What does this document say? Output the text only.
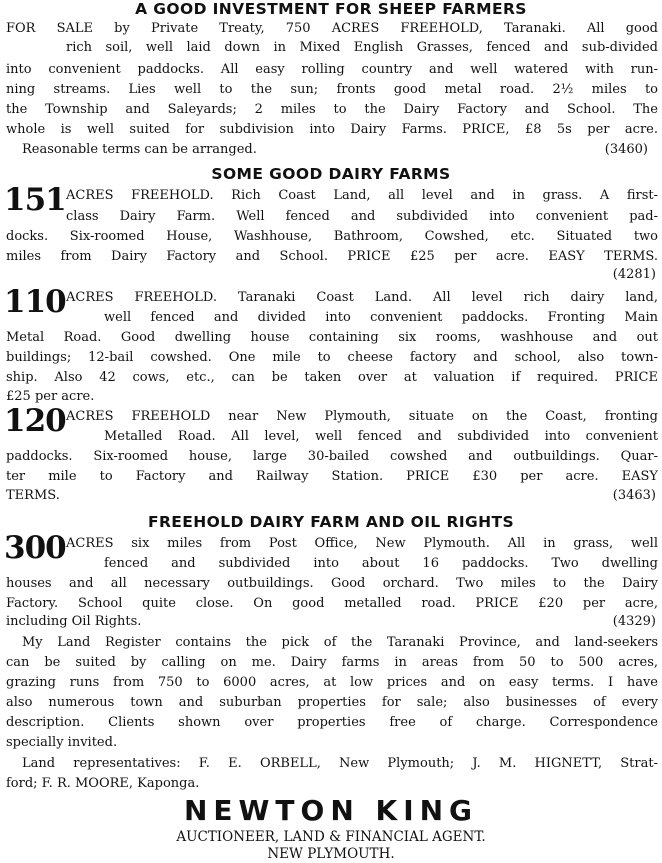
A GOOD INVESTMENT FOR SHEEP FARMERS
FOR SALE by Private Treaty, 750 ACRES FREEHOLD, Taranaki. All good
rich soil, well laid down in Mixed English Grasses, fenced and sub-divided
into convenient paddocks. All easy rolling country and well watered with run-
ning streams. Lies well to the sun; fronts good metal road. 2½ miles to
the Township and Saleyards; 2 miles to the Dairy Factory and School. The
whole is well suited for subdivision into Dairy Farms. PRICE, £8 5s per acre.
Reasonable terms can be arranged.	(3460)
SOME GOOD DAIRY FARMS
151 ACRES FREEHOLD. Rich Coast Land, all level and in grass. A first-
class Dairy Farm. Well fenced and subdivided into convenient pad-
docks. Six-roomed House, Washhouse, Bathroom, Cowshed, etc. Situated two
miles from Dairy Factory and School. PRICE £25 per acre. EASY TERMS.
(4281)
110 ACRES FREEHOLD. Taranaki Coast Land. All level rich dairy land,
well fenced and divided into convenient paddocks. Fronting Main
Metal Road. Good dwelling house containing six rooms, washhouse and out
buildings; 12-bail cowshed. One mile to cheese factory and school, also town-
ship. Also 42 cows, etc., can be taken over at valuation if required. PRICE
£25 per acre.
120 ACRES FREEHOLD near New Plymouth, situate on the Coast, fronting
Metalled Road. All level, well fenced and subdivided into convenient
paddocks. Six-roomed house, large 30-bailed cowshed and outbuildings. Quar-
ter mile to Factory and Railway Station. PRICE £30 per acre. EASY
TERMS.	(3463)
FREEHOLD DAIRY FARM AND OIL RIGHTS
300 ACRES six miles from Post Office, New Plymouth. All in grass, well
fenced and subdivided into about 16 paddocks. Two dwelling
houses and all necessary outbuildings. Good orchard. Two miles to the Dairy
Factory. School quite close. On good metalled road. PRICE £20 per acre,
including Oil Rights.	(4329)
My Land Register contains the pick of the Taranaki Province, and land-seekers
can be suited by calling on me. Dairy farms in areas from 50 to 500 acres,
grazing runs from 750 to 6000 acres, at low prices and on easy terms. I have
also numerous town and suburban properties for sale; also businesses of every
description. Clients shown over properties free of charge. Correspondence
specially invited.
Land representatives: F. E. ORBELL, New Plymouth; J. M. HIGNETT, Strat-
ford; F. R. MOORE, Kaponga.
NEWTON KING
AUCTIONEER, LAND & FINANCIAL AGENT.
NEW PLYMOUTH.
